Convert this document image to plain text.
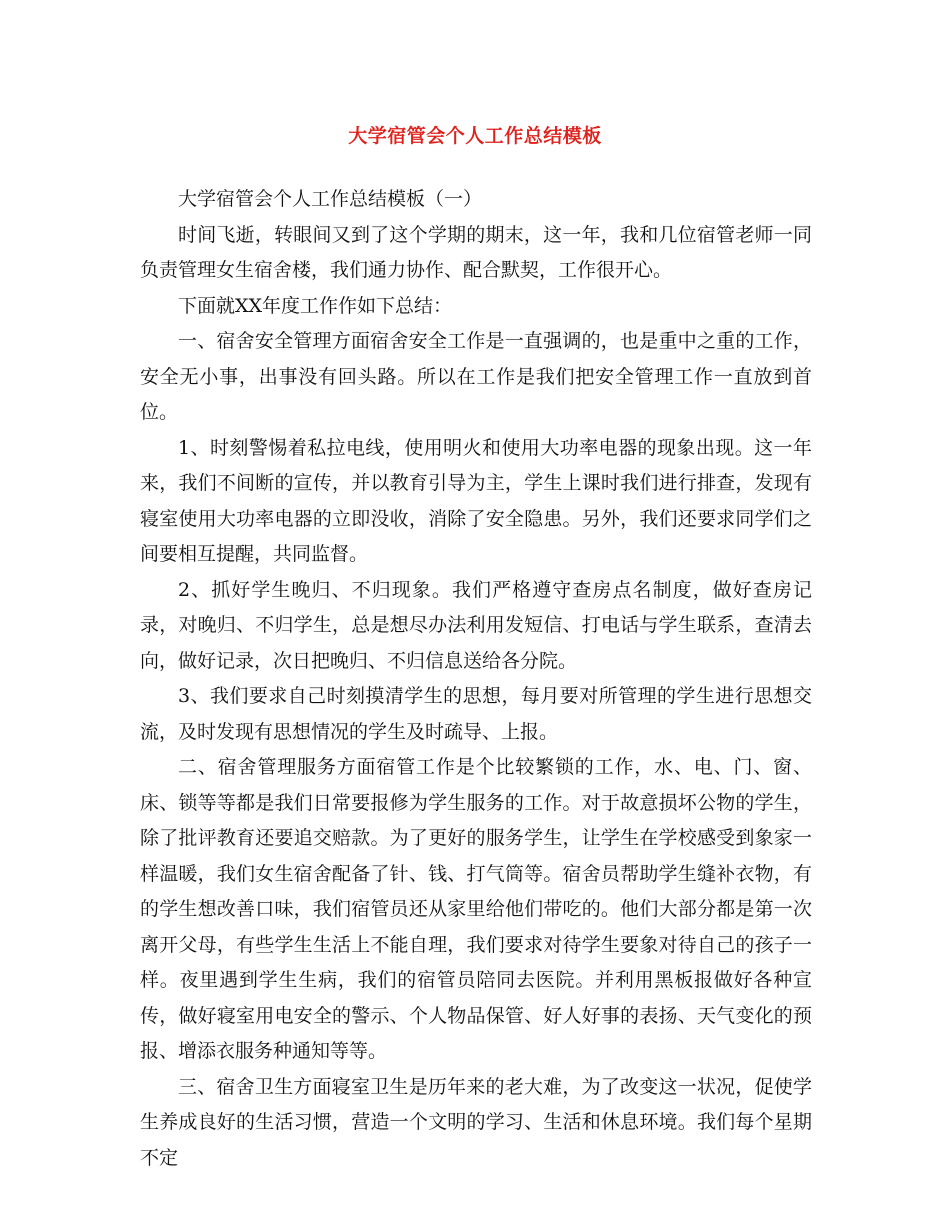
大学宿管会个人工作总结模板

大学宿管会个人工作总结模板（一）

时间飞逝，转眼间又到了这个学期的期末，这一年，我和几位宿管老师一同负责管理女生宿舍楼，我们通力协作、配合默契，工作很开心。

下面就XX年度工作作如下总结：

一、宿舍安全管理方面宿舍安全工作是一直强调的，也是重中之重的工作，安全无小事，出事没有回头路。所以在工作是我们把安全管理工作一直放到首位。

1、时刻警惕着私拉电线，使用明火和使用大功率电器的现象出现。这一年来，我们不间断的宣传，并以教育引导为主，学生上课时我们进行排查，发现有寝室使用大功率电器的立即没收，消除了安全隐患。另外，我们还要求同学们之间要相互提醒，共同监督。

2、抓好学生晚归、不归现象。我们严格遵守查房点名制度，做好查房记录，对晚归、不归学生，总是想尽办法利用发短信、打电话与学生联系，查清去向，做好记录，次日把晚归、不归信息送给各分院。

3、我们要求自己时刻摸清学生的思想，每月要对所管理的学生进行思想交流，及时发现有思想情况的学生及时疏导、上报。

二、宿舍管理服务方面宿管工作是个比较繁锁的工作，水、电、门、窗、床、锁等等都是我们日常要报修为学生服务的工作。对于故意损坏公物的学生，除了批评教育还要追交赔款。为了更好的服务学生，让学生在学校感受到象家一样温暖，我们女生宿舍配备了针、钱、打气筒等。宿舍员帮助学生缝补衣物，有的学生想改善口味，我们宿管员还从家里给他们带吃的。他们大部分都是第一次离开父母，有些学生生活上不能自理，我们要求对待学生要象对待自己的孩子一样。夜里遇到学生生病，我们的宿管员陪同去医院。并利用黑板报做好各种宣传，做好寝室用电安全的警示、个人物品保管、好人好事的表扬、天气变化的预报、增添衣服务种通知等等。

三、宿舍卫生方面寝室卫生是历年来的老大难，为了改变这一状况，促使学生养成良好的生活习惯，营造一个文明的学习、生活和休息环境。我们每个星期不定
